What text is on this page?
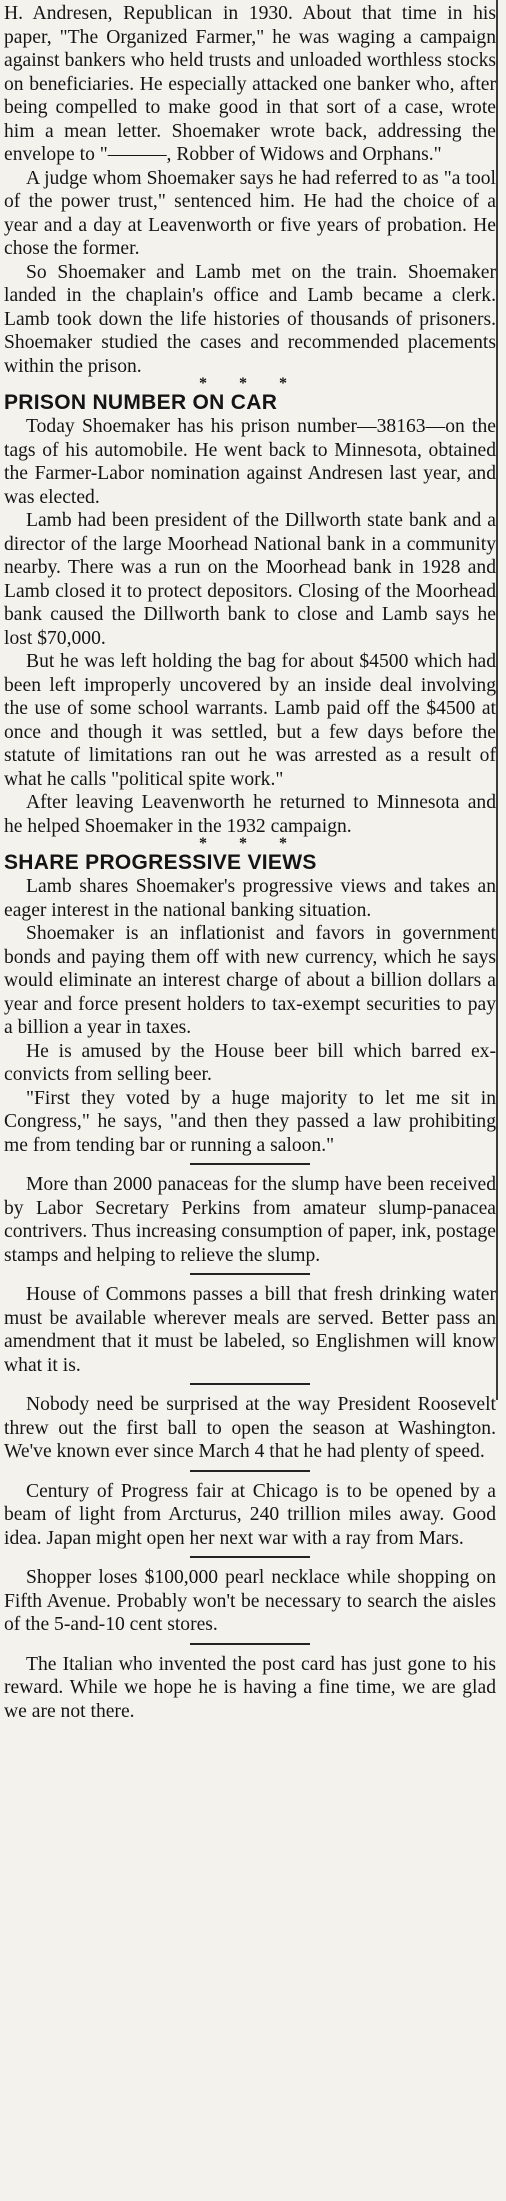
H. Andresen, Republican in 1930. About that time in his paper, "The Organized Farmer," he was waging a campaign against bankers who held trusts and unloaded worthless stocks on beneficiaries. He especially attacked one banker who, after being compelled to make good in that sort of a case, wrote him a mean letter. Shoemaker wrote back, addressing the envelope to "———, Robber of Widows and Orphans."

A judge whom Shoemaker says he had referred to as "a tool of the power trust," sentenced him. He had the choice of a year and a day at Leavenworth or five years of probation. He chose the former.

So Shoemaker and Lamb met on the train. Shoemaker landed in the chaplain's office and Lamb became a clerk. Lamb took down the life histories of thousands of prisoners. Shoemaker studied the cases and recommended placements within the prison.

* * *
PRISON NUMBER ON CAR

Today Shoemaker has his prison number—38163—on the tags of his automobile. He went back to Minnesota, obtained the Farmer-Labor nomination against Andresen last year, and was elected.

Lamb had been president of the Dillworth state bank and a director of the large Moorhead National bank in a community nearby. There was a run on the Moorhead bank in 1928 and Lamb closed it to protect depositors. Closing of the Moorhead bank caused the Dillworth bank to close and Lamb says he lost $70,000.

But he was left holding the bag for about $4500 which had been left improperly uncovered by an inside deal involving the use of some school warrants. Lamb paid off the $4500 at once and though it was settled, but a few days before the statute of limitations ran out he was arrested as a result of what he calls "political spite work."

After leaving Leavenworth he returned to Minnesota and he helped Shoemaker in the 1932 campaign.

* * *
SHARE PROGRESSIVE VIEWS

Lamb shares Shoemaker's progressive views and takes an eager interest in the national banking situation.

Shoemaker is an inflationist and favors in government bonds and paying them off with new currency, which he says would eliminate an interest charge of about a billion dollars a year and force present holders to tax-exempt securities to pay a billion a year in taxes.

He is amused by the House beer bill which barred ex-convicts from selling beer.

"First they voted by a huge majority to let me sit in Congress," he says, "and then they passed a law prohibiting me from tending bar or running a saloon."

More than 2000 panaceas for the slump have been received by Labor Secretary Perkins from amateur slump-panacea contrivers. Thus increasing consumption of paper, ink, postage stamps and helping to relieve the slump.

House of Commons passes a bill that fresh drinking water must be available wherever meals are served. Better pass an amendment that it must be labeled, so Englishmen will know what it is.

Nobody need be surprised at the way President Roosevelt threw out the first ball to open the season at Washington. We've known ever since March 4 that he had plenty of speed.

Century of Progress fair at Chicago is to be opened by a beam of light from Arcturus, 240 trillion miles away. Good idea. Japan might open her next war with a ray from Mars.

Shopper loses $100,000 pearl necklace while shopping on Fifth Avenue. Probably won't be necessary to search the aisles of the 5-and-10 cent stores.

The Italian who invented the post card has just gone to his reward. While we hope he is having a fine time, we are glad we are not there.
